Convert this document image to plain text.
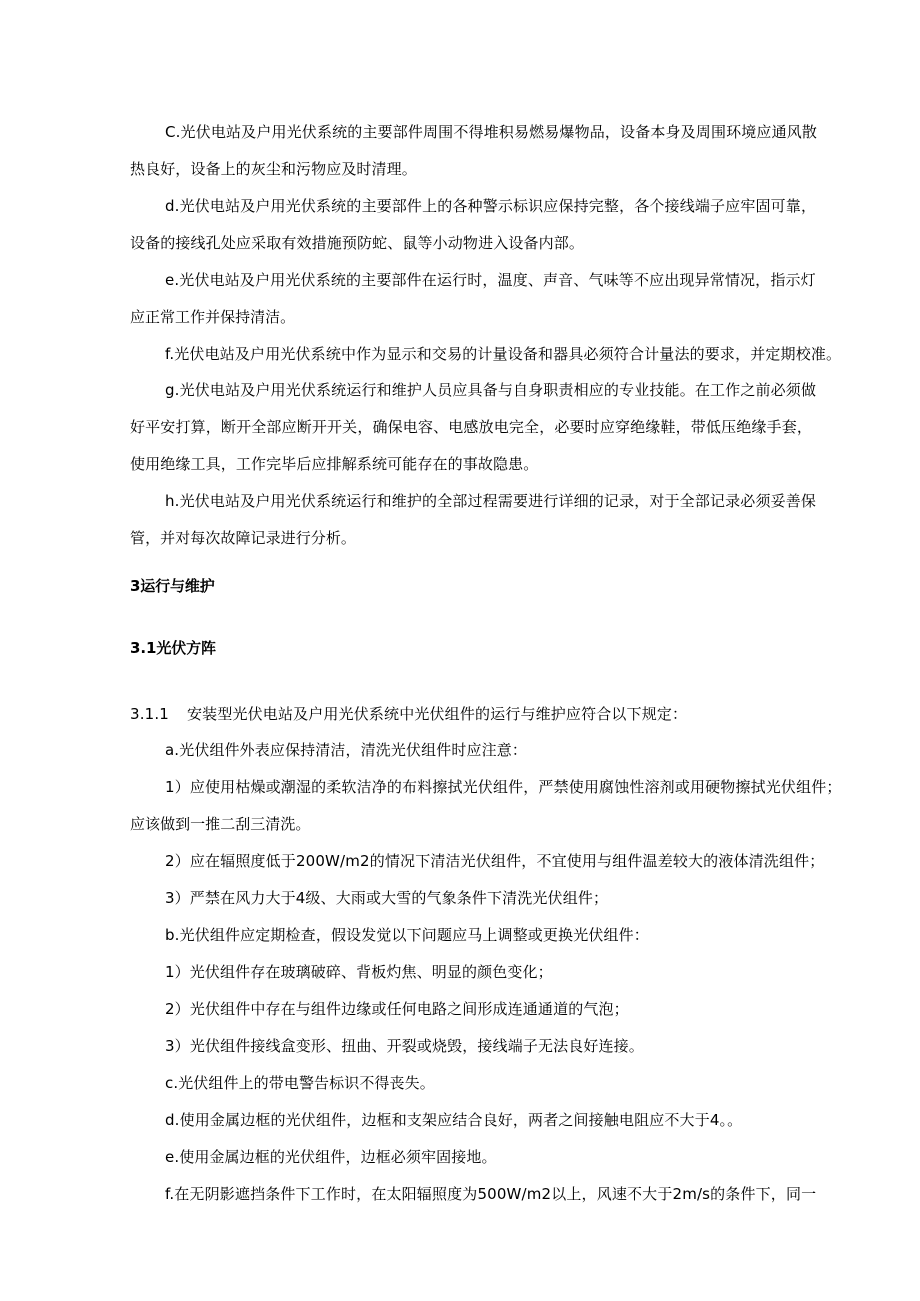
C.光伏电站及户用光伏系统的主要部件周围不得堆积易燃易爆物品，设备本身及周围环境应通风散
热良好，设备上的灰尘和污物应及时清理。
d.光伏电站及户用光伏系统的主要部件上的各种警示标识应保持完整，各个接线端子应牢固可靠，
设备的接线孔处应采取有效措施预防蛇、鼠等小动物进入设备内部。
e.光伏电站及户用光伏系统的主要部件在运行时，温度、声音、气味等不应出现异常情况，指示灯
应正常工作并保持清洁。
f.光伏电站及户用光伏系统中作为显示和交易的计量设备和器具必须符合计量法的要求，并定期校准。
g.光伏电站及户用光伏系统运行和维护人员应具备与自身职责相应的专业技能。在工作之前必须做
好平安打算，断开全部应断开开关，确保电容、电感放电完全，必要时应穿绝缘鞋，带低压绝缘手套，
使用绝缘工具，工作完毕后应排解系统可能存在的事故隐患。
h.光伏电站及户用光伏系统运行和维护的全部过程需要进行详细的记录，对于全部记录必须妥善保
管，并对每次故障记录进行分析。
3运行与维护
3.1光伏方阵
3.1.1 安装型光伏电站及户用光伏系统中光伏组件的运行与维护应符合以下规定：
a.光伏组件外表应保持清洁，清洗光伏组件时应注意：
1）应使用枯燥或潮湿的柔软洁净的布料擦拭光伏组件，严禁使用腐蚀性溶剂或用硬物擦拭光伏组件；
应该做到一推二刮三清洗。
2）应在辐照度低于200W/m2的情况下清洁光伏组件，不宜使用与组件温差较大的液体清洗组件；
3）严禁在风力大于4级、大雨或大雪的气象条件下清洗光伏组件；
b.光伏组件应定期检查，假设发觉以下问题应马上调整或更换光伏组件：
1）光伏组件存在玻璃破碎、背板灼焦、明显的颜色变化；
2）光伏组件中存在与组件边缘或任何电路之间形成连通通道的气泡；
3）光伏组件接线盒变形、扭曲、开裂或烧毁，接线端子无法良好连接。
c.光伏组件上的带电警告标识不得丧失。
d.使用金属边框的光伏组件，边框和支架应结合良好，两者之间接触电阻应不大于4。。
e.使用金属边框的光伏组件，边框必须牢固接地。
f.在无阴影遮挡条件下工作时，在太阳辐照度为500W/m2以上，风速不大于2m/s的条件下，同一
